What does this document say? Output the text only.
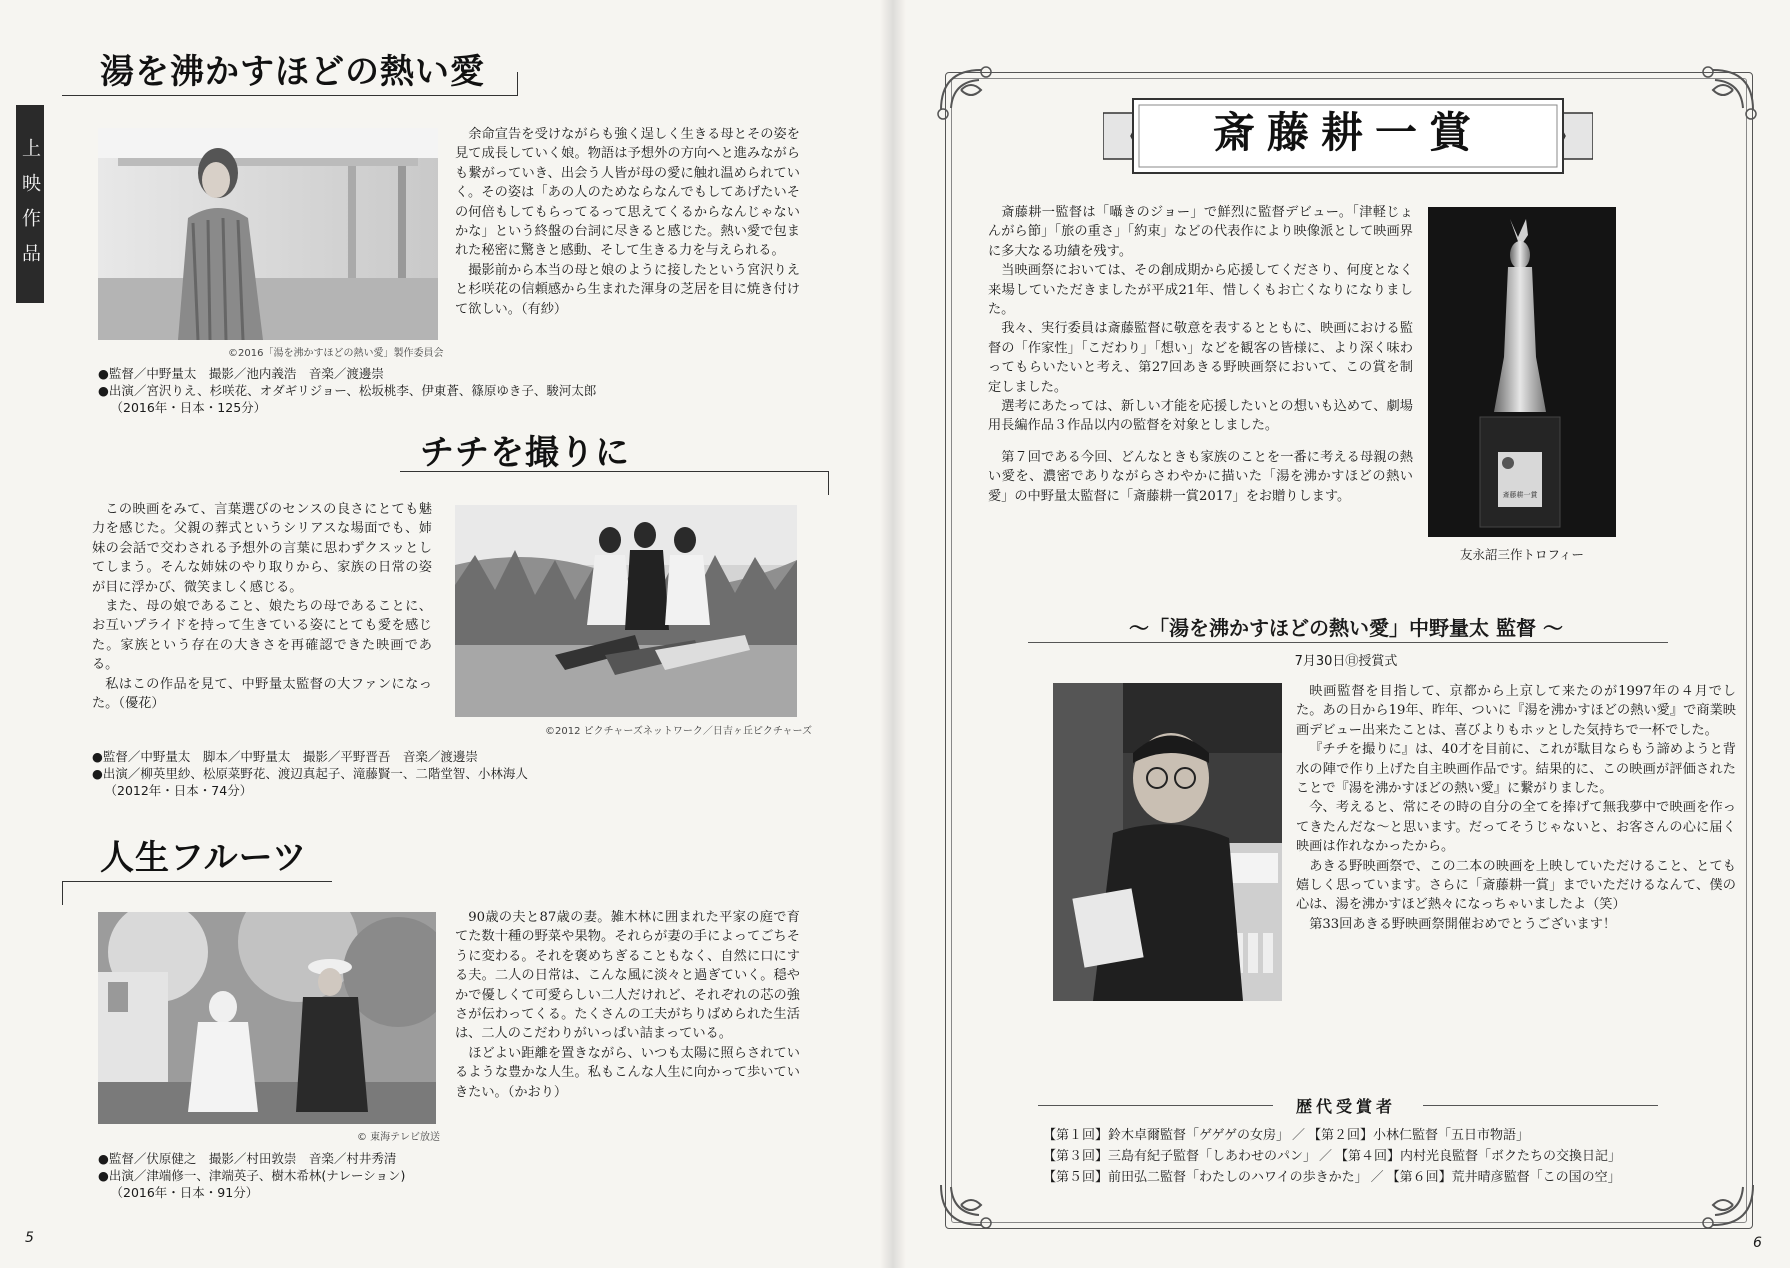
上映作品
湯を沸かすほどの熱い愛
©2016「湯を沸かすほどの熱い愛」製作委員会

余命宣告を受けながらも強く逞しく生きる母とその姿を見て成長していく娘。物語は予想外の方向へと進みながらも繋がっていき、出会う人皆が母の愛に触れ温められていく。その姿は「あの人のためならなんでもしてあげたいその何倍もしてもらってるって思えてくるからなんじゃないかな」という終盤の台詞に尽きると感じた。熱い愛で包まれた秘密に驚きと感動、そして生きる力を与えられる。

撮影前から本当の母と娘のように接したという宮沢りえと杉咲花の信頼感から生まれた渾身の芝居を目に焼き付けて欲しい。（有紗）

●監督／中野量太　撮影／池内義浩　音楽／渡邊崇
●出演／宮沢りえ、杉咲花、オダギリジョー、松坂桃李、伊東蒼、篠原ゆき子、駿河太郎
（2016年・日本・125分）
チチを撮りに

この映画をみて、言葉選びのセンスの良さにとても魅力を感じた。父親の葬式というシリアスな場面でも、姉妹の会話で交わされる予想外の言葉に思わずクスッとしてしまう。そんな姉妹のやり取りから、家族の日常の姿が目に浮かび、微笑ましく感じる。

また、母の娘であること、娘たちの母であることに、お互いプライドを持って生きている姿にとても愛を感じた。家族という存在の大きさを再確認できた映画である。

私はこの作品を見て、中野量太監督の大ファンになった。（優花）

©2012 ピクチャーズネットワーク／日吉ヶ丘ピクチャーズ
●監督／中野量太　脚本／中野量太　撮影／平野晋吾　音楽／渡邊崇
●出演／柳英里紗、松原菜野花、渡辺真起子、滝藤賢一、二階堂智、小林海人
（2012年・日本・74分）
人生フルーツ
© 東海テレビ放送

90歳の夫と87歳の妻。雑木林に囲まれた平家の庭で育てた数十種の野菜や果物。それらが妻の手によってごちそうに変わる。それを褒めちぎることもなく、自然に口にする夫。二人の日常は、こんな風に淡々と過ぎていく。穏やかで優しくて可愛らしい二人だけれど、それぞれの芯の強さが伝わってくる。たくさんの工夫がちりばめられた生活は、二人のこだわりがいっぱい詰まっている。

ほどよい距離を置きながら、いつも太陽に照らされているような豊かな人生。私もこんな人生に向かって歩いていきたい。（かおり）

●監督／伏原健之　撮影／村田敦崇　音楽／村井秀清
●出演／津端修一、津端英子、樹木希林(ナレーション)
（2016年・日本・91分）
5
斎藤耕一賞

斎藤耕一監督は「囁きのジョー」で鮮烈に監督デビュー。「津軽じょんがら節」「旅の重さ」「約束」などの代表作により映像派として映画界に多大なる功績を残す。

当映画祭においては、その創成期から応援してくださり、何度となく来場していただきましたが平成21年、惜しくもお亡くなりになりました。

我々、実行委員は斎藤監督に敬意を表するとともに、映画における監督の「作家性」「こだわり」「想い」などを観客の皆様に、より深く味わってもらいたいと考え、第27回あきる野映画祭において、この賞を制定しました。

選考にあたっては、新しい才能を応援したいとの想いも込めて、劇場用長編作品３作品以内の監督を対象としました。

第７回である今回、どんなときも家族のことを一番に考える母親の熱い愛を、濃密でありながらさわやかに描いた「湯を沸かすほどの熱い愛」の中野量太監督に「斎藤耕一賞2017」をお贈りします。	斎藤耕一賞
友永詔三作トロフィー
～「湯を沸かすほどの熱い愛」中野量太 監督 ～
7月30日㊐授賞式

映画監督を目指して、京都から上京して来たのが1997年の４月でした。あの日から19年、昨年、ついに『湯を沸かすほどの熱い愛』で商業映画デビュー出来たことは、喜びよりもホッとした気持ちで一杯でした。

『チチを撮りに』は、40才を目前に、これが駄目ならもう諦めようと背水の陣で作り上げた自主映画作品です。結果的に、この映画が評価されたことで『湯を沸かすほどの熱い愛』に繋がりました。

今、考えると、常にその時の自分の全てを捧げて無我夢中で映画を作ってきたんだな～と思います。だってそうじゃないと、お客さんの心に届く映画は作れなかったから。

あきる野映画祭で、この二本の映画を上映していただけること、とても嬉しく思っています。さらに「斎藤耕一賞」までいただけるなんて、僕の心は、湯を沸かすほど熱々になっちゃいましたよ（笑）

第33回あきる野映画祭開催おめでとうございます！

歴代受賞者
【第１回】鈴木卓爾監督「ゲゲゲの女房」 ／ 【第２回】小林仁監督「五日市物語」
【第３回】三島有紀子監督「しあわせのパン」 ／ 【第４回】内村光良監督「ボクたちの交換日記」
【第５回】前田弘二監督「わたしのハワイの歩きかた」 ／ 【第６回】荒井晴彦監督「この国の空」
6
